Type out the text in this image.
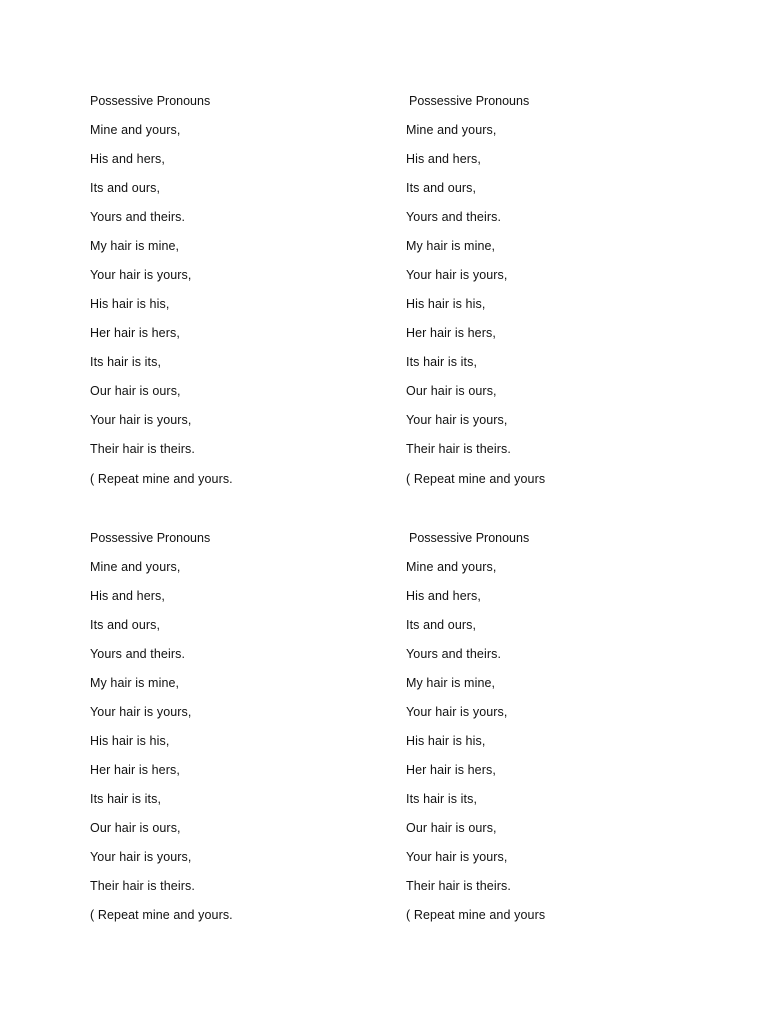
Possessive Pronouns
Mine and yours,
His and hers,
Its and ours,
Yours and theirs.
My hair is mine,
Your hair is yours,
His hair is his,
Her hair is hers,
Its hair is its,
Our hair is ours,
Your hair is yours,
Their hair is theirs.
( Repeat mine and yours.
Possessive Pronouns
Mine and yours,
His and hers,
Its and ours,
Yours and theirs.
My hair is mine,
Your hair is yours,
His hair is his,
Her hair is hers,
Its hair is its,
Our hair is ours,
Your hair is yours,
Their hair is theirs.
( Repeat mine and yours
Possessive Pronouns
Mine and yours,
His and hers,
Its and ours,
Yours and theirs.
My hair is mine,
Your hair is yours,
His hair is his,
Her hair is hers,
Its hair is its,
Our hair is ours,
Your hair is yours,
Their hair is theirs.
( Repeat mine and yours.
Possessive Pronouns
Mine and yours,
His and hers,
Its and ours,
Yours and theirs.
My hair is mine,
Your hair is yours,
His hair is his,
Her hair is hers,
Its hair is its,
Our hair is ours,
Your hair is yours,
Their hair is theirs.
( Repeat mine and yours
